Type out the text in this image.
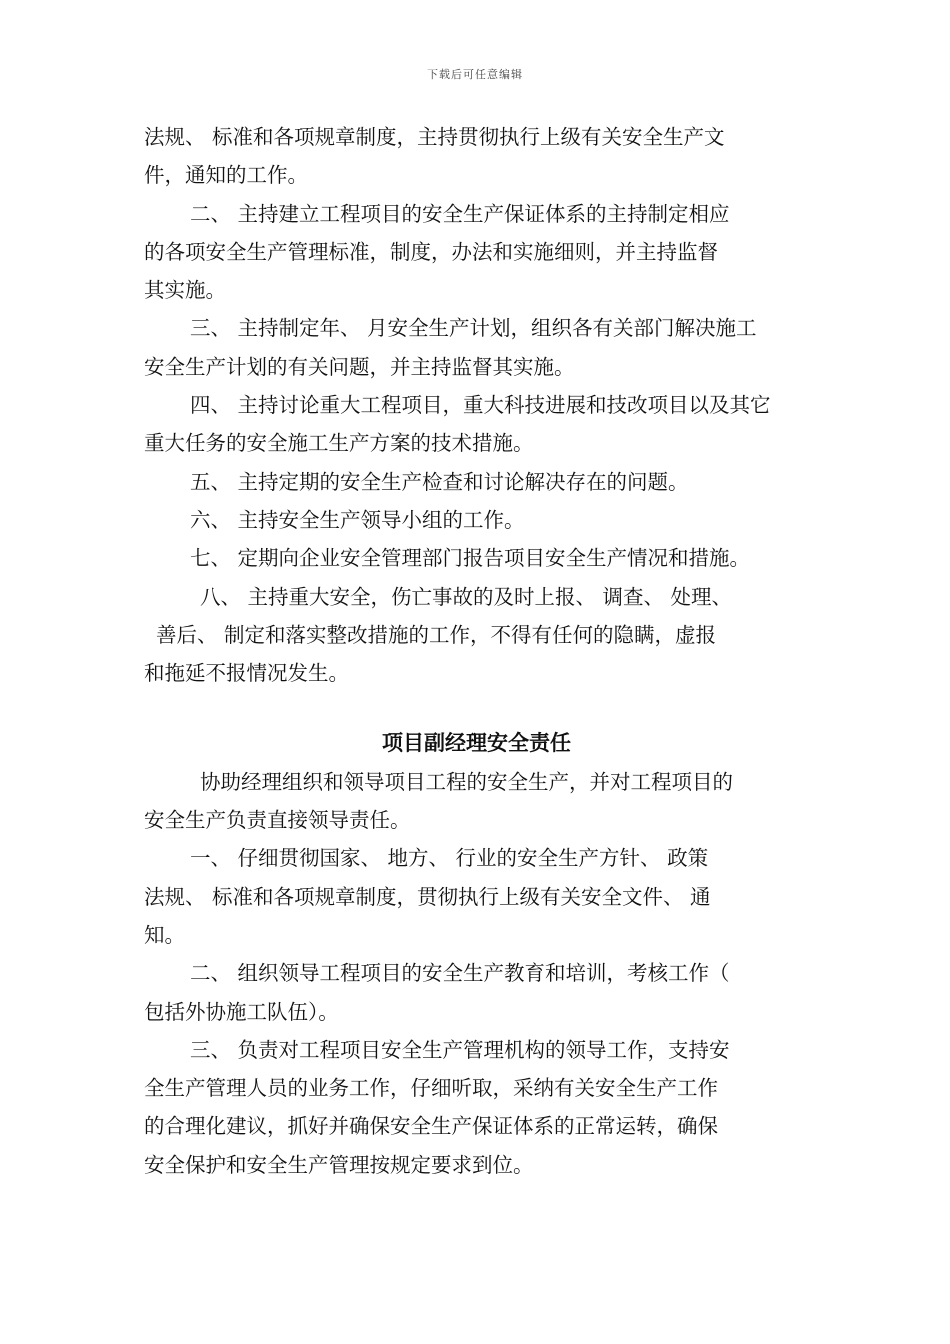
下载后可任意编辑
法规、 标准和各项规章制度，主持贯彻执行上级有关安全生产文
件，通知的工作。
二、 主持建立工程项目的安全生产保证体系的主持制定相应
的各项安全生产管理标准，制度，办法和实施细则，并主持监督
其实施。
三、 主持制定年、 月安全生产计划，组织各有关部门解决施工
安全生产计划的有关问题，并主持监督其实施。
四、 主持讨论重大工程项目，重大科技进展和技改项目以及其它
重大任务的安全施工生产方案的技术措施。
五、 主持定期的安全生产检查和讨论解决存在的问题。
六、 主持安全生产领导小组的工作。
七、 定期向企业安全管理部门报告项目安全生产情况和措施。
八、 主持重大安全，伤亡事故的及时上报、 调查、 处理、
善后、 制定和落实整改措施的工作，不得有任何的隐瞒，虚报
和拖延不报情况发生。
项目副经理安全责任
协助经理组织和领导项目工程的安全生产，并对工程项目的
安全生产负责直接领导责任。
一、 仔细贯彻国家、 地方、 行业的安全生产方针、 政策
法规、 标准和各项规章制度，贯彻执行上级有关安全文件、 通
知。
二、 组织领导工程项目的安全生产教育和培训，考核工作（
包括外协施工队伍）。
三、 负责对工程项目安全生产管理机构的领导工作，支持安
全生产管理人员的业务工作，仔细听取，采纳有关安全生产工作
的合理化建议，抓好并确保安全生产保证体系的正常运转，确保
安全保护和安全生产管理按规定要求到位。
